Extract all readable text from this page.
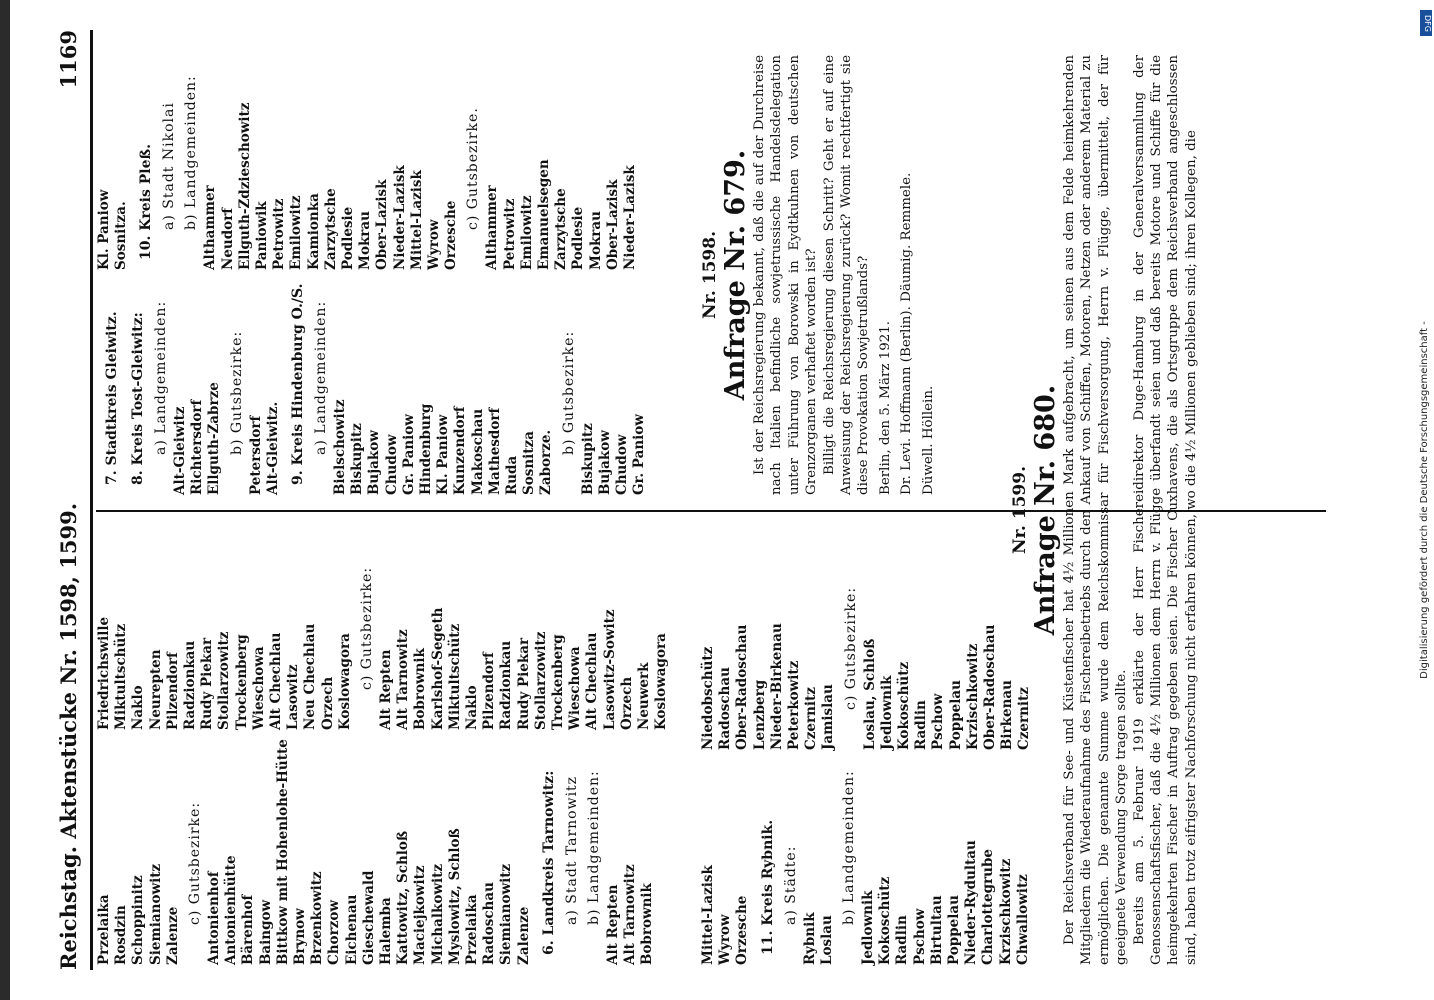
Reichstag. Aktenstücke Nr. 1598, 1599.
1169
Przelaika Rosdzin Schoppinitz Siemianowitz Zalenze
c) Gutsbezirke: Antonienhof Antonienhütte Bärenhof Baingow Bittkow mit Hohenlohe-Hütte Brynow Brzenkowitz Chorzow Eichenau Gieschewald Halemba Kattowitz, Schloß Maciejkowitz Michalkowitz Myslowitz, Schloß Przelaika Radoschau Siemianowitz Zalenze 6. Landkreis Tarnowitz: a) Stadt Tarnowitz b) Landgemeinden: Alt Repten Alt Tarnowitz Bobrownik
Friedrichswille Miktultschütz Naklo Neurepten Pilzendorf Radzionkau Rudy Piekar Stollarzowitz Trockenberg Wieschowa Alt Chechlau Lasowitz Neu Chechlau Orzech Koslowagora c) Gutsbezirke: Alt Repten Alt Tarnowitz Bobrownik Karlshof-Segeth Miktultschütz Naklo Pilzendorf Radzionkau Rudy Piekar Stollarzowitz Trockenberg Wieschowa Alt Chechlau Lasowitz-Sowitz Orzech Neuwerk Koslowagora
7. Stadtkreis Gleiwitz. 8. Kreis Tost-Gleiwitz: a) Landgemeinden: Alt-Gleiwitz Richtersdorf Ellguth-Zabrze b) Gutsbezirke:
Petersdorf Alt-Gleiwitz. 9. Kreis Hindenburg O./S. a) Landgemeinden: Bielschowitz Biskupitz Bujakow Chudow Gr. Paniow Hindenburg Kl. Paniow Kunzendorf Makoschau Mathesdorf Ruda Sosnitza Zaborze.
b) Gutsbezirke:
Biskupitz Bujakow Chudow Gr. Paniow
Kl. Paniow Sosnitza. 10. Kreis Pleß. a) Stadt Nikolai b) Landgemeinden: Althammer Neudorf Ellguth-Zdzieschowitz Paniowik Petrowitz Emilowitz Kamionka Zarzytsche Podlesie Mokrau Ober-Lazisk Nieder-Lazisk Mittel-Lazisk Wyrow Orzesche
c) Gutsbezirke. Althammer Petrowitz Emilowitz Emanuelsegen Zarzytsche Podlesie Mokrau Ober-Lazisk Nieder-Lazisk
Mittel-Lazisk Wyrow Orzesche 11. Kreis Rybnik. a) Städte:
Rybnik Loslau
b) Landgemeinden:
Jedlownik Kokoschütz Radlin Pschow Birtultau Poppelau Nieder-Rydultau Charlottegrube Krzischkowitz Chwallowitz
Niedobschütz Radoschau Ober-Radoschau Lenzberg Nieder-Birkenau Peterkowitz Czernitz Jamislau
c) Gutsbezirke: Loslau, Schloß Jedlownik Kokoschütz Radlin Pschow Poppelau Krzischkowitz Ober-Radoschau Birkenau Czernitz
Nr. 1598. Anfrage Nr. 679. Ist der Reichsregierung bekannt, daß die auf der Durchreise nach Italien befindliche sowjetrussische Handelsdelegation unter Führung von Borowski in Eydtkuhnen von deutschen Grenzorganen verhaftet worden ist? Billigt die Reichsregierung diesen Schritt? Geht er auf eine Anweisung der Reichsregierung zurück? Womit rechtfertigt sie diese Provokation Sowjetrußlands? Berlin, den 5. März 1921. Dr. Levi. Hoffmann (Berlin). Däumig. Remmele. Düwell. Höllein.
Nr. 1599. Anfrage Nr. 680. Der Reichsverband für See- und Küstenfischer hat 4½ Millionen Mark aufgebracht, um seinen aus dem Felde heimkehrenden Mitgliedern die Wiederaufnahme des Fischereibetriebs durch den Ankauf von Schiffen, Motoren, Netzen oder anderem Material zu ermöglichen. Die genannte Summe wurde dem Reichskommissar für Fischversorgung, Herrn v. Flügge, übermittelt, der für geeignete Verwendung Sorge tragen sollte. Bereits am 5. Februar 1919 erklärte der Herr Fischereidirektor Duge-Hamburg in der Generalversammlung der Genossenschaftsfischer, daß die 4½ Millionen dem Herrn v. Flügge überfandt seien und daß bereits Motore und Schiffe für die heimgekehrten Fischer in Auftrag gegeben seien. Die Fischer Cuxhavens, die als Ortsgruppe dem Reichsverband angeschlossen sind, haben trotz eifrigster Nachforschung nicht erfahren können, wo die 4½ Millionen geblieben sind; ihren Kollegen, die	Digitalisierung gefördert durch die Deutsche Forschungsgemeinschaft -
DFG
